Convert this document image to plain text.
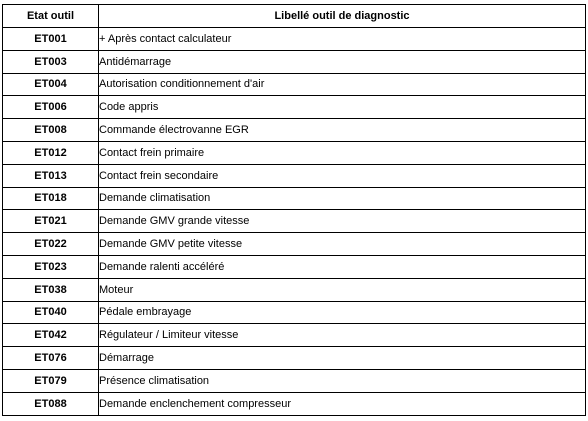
Etat outil	Libellé outil de diagnostic
ET001	+ Après contact calculateur
ET003	Antidémarrage
ET004	Autorisation conditionnement d'air
ET006	Code appris
ET008	Commande électrovanne EGR
ET012	Contact frein primaire
ET013	Contact frein secondaire
ET018	Demande climatisation
ET021	Demande GMV grande vitesse
ET022	Demande GMV petite vitesse
ET023	Demande ralenti accéléré
ET038	Moteur
ET040	Pédale embrayage
ET042	Régulateur / Limiteur vitesse
ET076	Démarrage
ET079	Présence climatisation
ET088	Demande enclenchement compresseur
